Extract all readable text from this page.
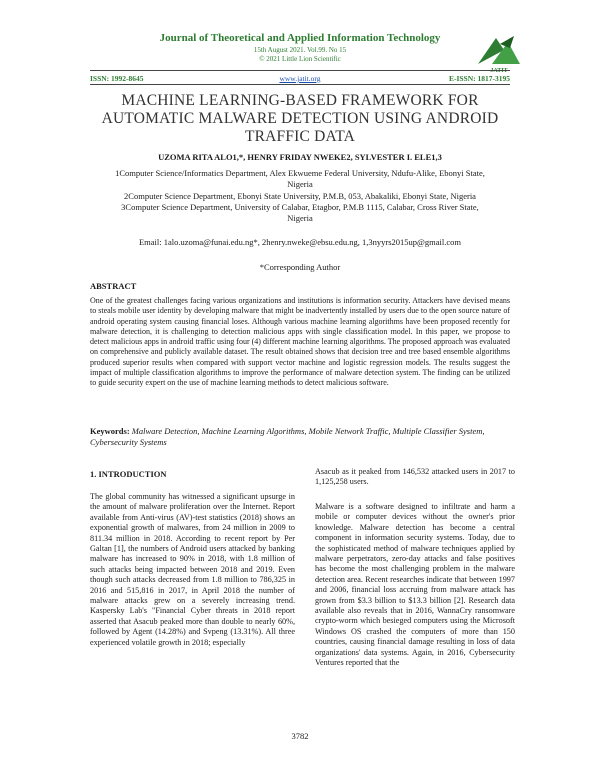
Journal of Theoretical and Applied Information Technology
15th August 2021. Vol.99. No 15
© 2021 Little Lion Scientific
JATIT
ISSN: 1992-8645	www.jatit.org	E-ISSN: 1817-3195
MACHINE LEARNING-BASED FRAMEWORK FOR AUTOMATIC MALWARE DETECTION USING ANDROID TRAFFIC DATA
UZOMA RITA ALO1,*, HENRY FRIDAY NWEKE2, SYLVESTER I. ELE1,3
1Computer Science/Informatics Department, Alex Ekwueme Federal University, Ndufu-Alike, Ebonyi State, Nigeria
2Computer Science Department, Ebonyi State University, P.M.B, 053, Abakaliki, Ebonyi State, Nigeria
3Computer Science Department, University of Calabar, Etagbor, P.M.B 1115, Calabar, Cross River State, Nigeria
Email: 1alo.uzoma@funai.edu.ng*, 2henry.nweke@ebsu.edu.ng, 1,3nyyrs2015up@gmail.com
*Corresponding Author
ABSTRACT
One of the greatest challenges facing various organizations and institutions is information security. Attackers have devised means to steals mobile user identity by developing malware that might be inadvertently installed by users due to the open source nature of android operating system causing financial loses. Although various machine learning algorithms have been proposed recently for malware detection, it is challenging to detection malicious apps with single classification model. In this paper, we propose to detect malicious apps in android traffic using four (4) different machine learning algorithms. The proposed approach was evaluated on comprehensive and publicly available dataset. The result obtained shows that decision tree and tree based ensemble algorithms produced superior results when compared with support vector machine and logistic regression models. The results suggest the impact of multiple classification algorithms to improve the performance of malware detection system. The finding can be utilized to guide security expert on the use of machine learning methods to detect malicious software.
Keywords: Malware Detection, Machine Learning Algorithms, Mobile Network Traffic, Multiple Classifier System, Cybersecurity Systems
1. INTRODUCTION
The global community has witnessed a significant upsurge in the amount of malware proliferation over the Internet. Report available from Anti-virus (AV)-test statistics (2018) shows an exponential growth of malwares, from 24 million in 2009 to 811.34 million in 2018. According to recent report by Per Galtan [1], the numbers of Android users attacked by banking malware has increased to 90% in 2018, with 1.8 million of such attacks being impacted between 2018 and 2019. Even though such attacks decreased from 1.8 million to 786,325 in 2016 and 515,816 in 2017, in April 2018 the number of malware attacks grew on a severely increasing trend. Kaspersky Lab's "Financial Cyber threats in 2018 report asserted that Asacub peaked more than double to nearly 60%, followed by Agent (14.28%) and Svpeng (13.31%). All three experienced volatile growth in 2018; especially
Asacub as it peaked from 146,532 attacked users in 2017 to 1,125,258 users.
Malware is a software designed to infiltrate and harm a mobile or computer devices without the owner's prior knowledge. Malware detection has become a central component in information security systems. Today, due to the sophisticated method of malware techniques applied by malware perpetrators, zero-day attacks and false positives has become the most challenging problem in the malware detection area. Recent researches indicate that between 1997 and 2006, financial loss accruing from malware attack has grown from $3.3 billion to $13.3 billion [2]. Research data available also reveals that in 2016, WannaCry ransomware crypto-worm which besieged computers using the Microsoft Windows OS crashed the computers of more than 150 countries, causing financial damage resulting in loss of data organizations' data systems. Again, in 2016, Cybersecurity Ventures reported that the
3782
